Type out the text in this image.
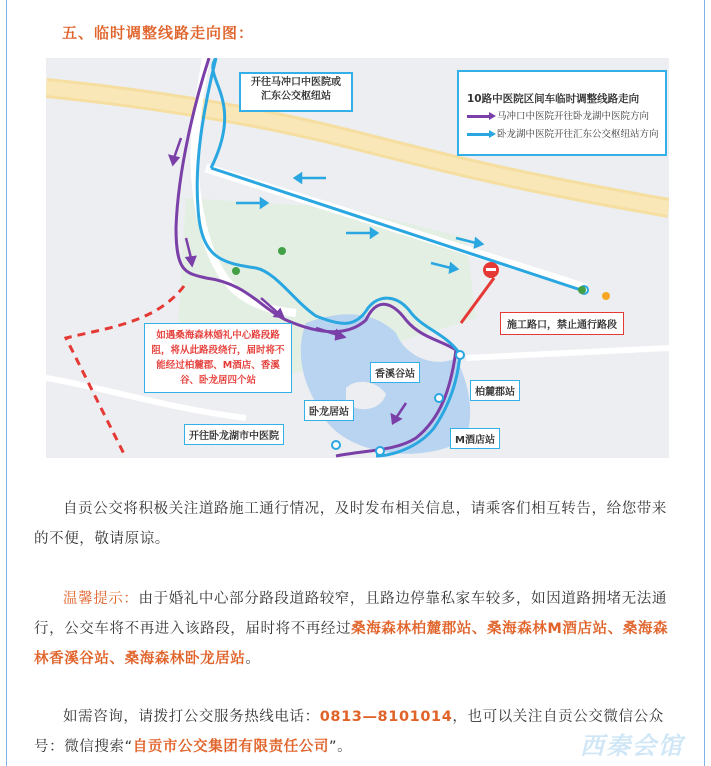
五、临时调整线路走向图：
10路中医院区间车临时调整线路走向
马冲口中医院开往卧龙湖中医院方向
卧龙湖中医院开往汇东公交枢纽站方向
开往马冲口中医院或
汇东公交枢纽站
如遇桑海森林婚礼中心路段路阻，将从此路段绕行，届时将不能经过柏麓郡、M酒店、香溪谷、卧龙居四个站
施工路口，禁止通行路段
香溪谷站
柏麓郡站
卧龙居站
M酒店站
开往卧龙湖市中医院
自贡公交将积极关注道路施工通行情况，及时发布相关信息，请乘客们相互转告，给您带来的不便，敬请原谅。
温馨提示：由于婚礼中心部分路段道路较窄，且路边停靠私家车较多，如因道路拥堵无法通行，公交车将不再进入该路段，届时将不再经过桑海森林柏麓郡站、桑海森林M酒店站、桑海森林香溪谷站、桑海森林卧龙居站。
如需咨询，请拨打公交服务热线电话：0813—8101014，也可以关注自贡公交微信公众号：微信搜索“自贡市公交集团有限责任公司”。	西秦会馆
